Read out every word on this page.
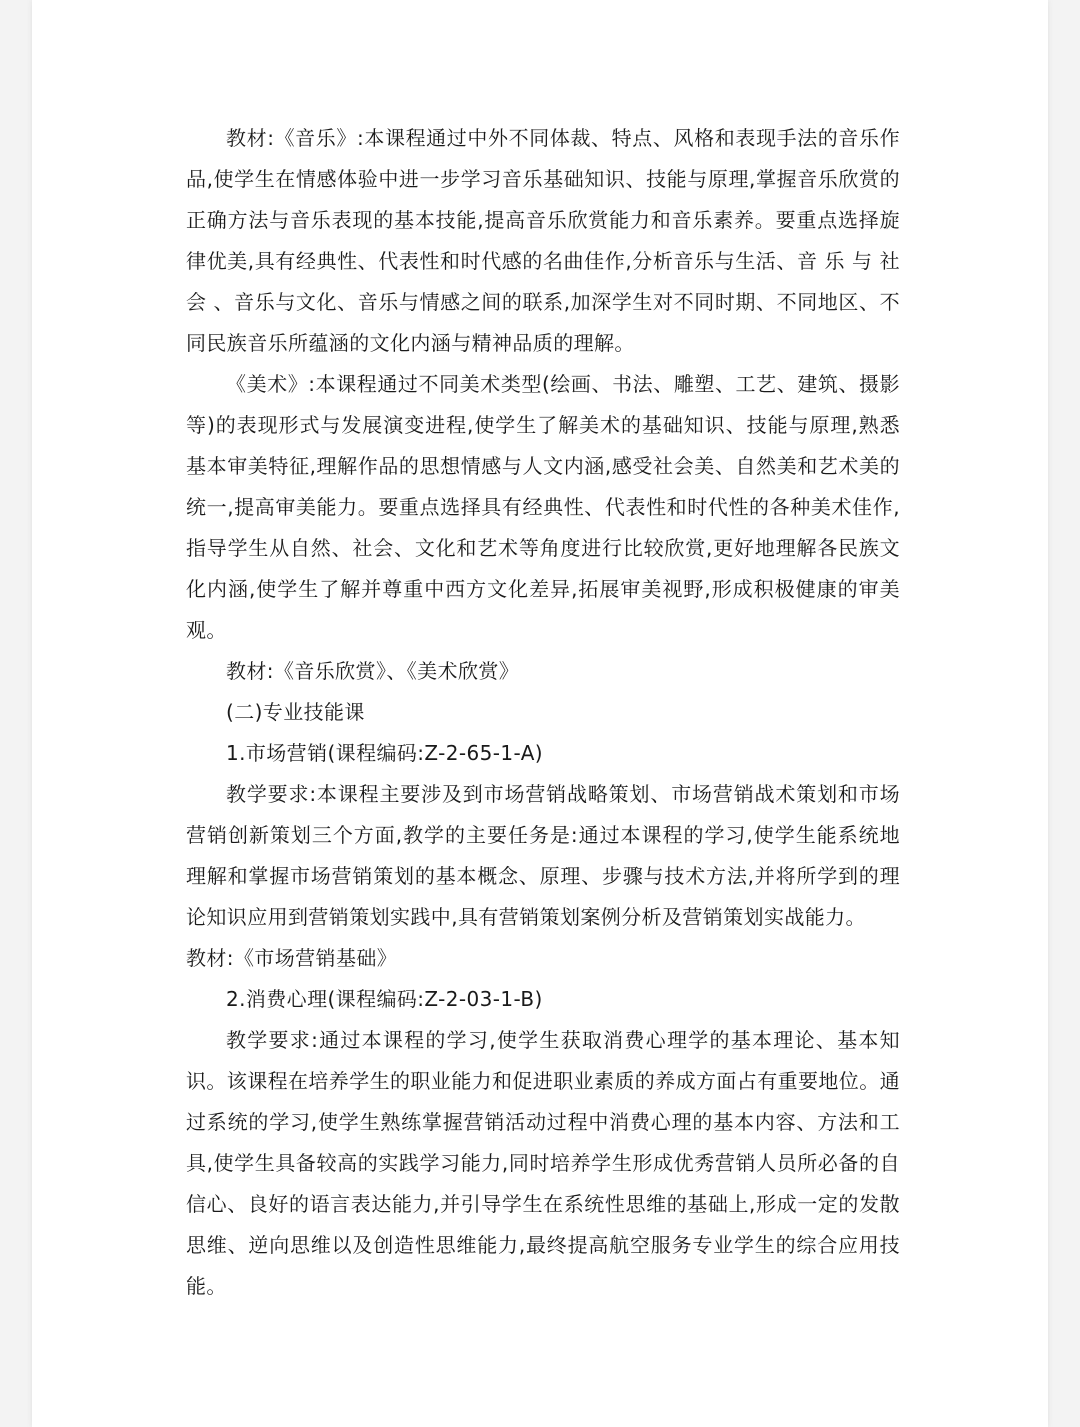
教材:《音乐》:本课程通过中外不同体裁、特点、风格和表现手法的音乐作品,使学生在情感体验中进一步学习音乐基础知识、技能与原理,掌握音乐欣赏的正确方法与音乐表现的基本技能,提高音乐欣赏能力和音乐素养。要重点选择旋律优美,具有经典性、代表性和时代感的名曲佳作,分析音乐与生活、音 乐 与 社 会 、音乐与文化、音乐与情感之间的联系,加深学生对不同时期、不同地区、不同民族音乐所蕴涵的文化内涵与精神品质的理解。

《美术》:本课程通过不同美术类型(绘画、书法、雕塑、工艺、建筑、摄影等)的表现形式与发展演变进程,使学生了解美术的基础知识、技能与原理,熟悉基本审美特征,理解作品的思想情感与人文内涵,感受社会美、自然美和艺术美的统一,提高审美能力。要重点选择具有经典性、代表性和时代性的各种美术佳作,指导学生从自然、社会、文化和艺术等角度进行比较欣赏,更好地理解各民族文化内涵,使学生了解并尊重中西方文化差异,拓展审美视野,形成积极健康的审美观。

教材:《音乐欣赏》、《美术欣赏》

(二)专业技能课

1.市场营销(课程编码:Z-2-65-1-A)

教学要求:本课程主要涉及到市场营销战略策划、市场营销战术策划和市场营销创新策划三个方面,教学的主要任务是:通过本课程的学习,使学生能系统地理解和掌握市场营销策划的基本概念、原理、步骤与技术方法,并将所学到的理论知识应用到营销策划实践中,具有营销策划案例分析及营销策划实战能力。

教材:《市场营销基础》

2.消费心理(课程编码:Z-2-03-1-B)

教学要求:通过本课程的学习,使学生获取消费心理学的基本理论、基本知识。该课程在培养学生的职业能力和促进职业素质的养成方面占有重要地位。通过系统的学习,使学生熟练掌握营销活动过程中消费心理的基本内容、方法和工具,使学生具备较高的实践学习能力,同时培养学生形成优秀营销人员所必备的自信心、良好的语言表达能力,并引导学生在系统性思维的基础上,形成一定的发散思维、逆向思维以及创造性思维能力,最终提高航空服务专业学生的综合应用技能。
